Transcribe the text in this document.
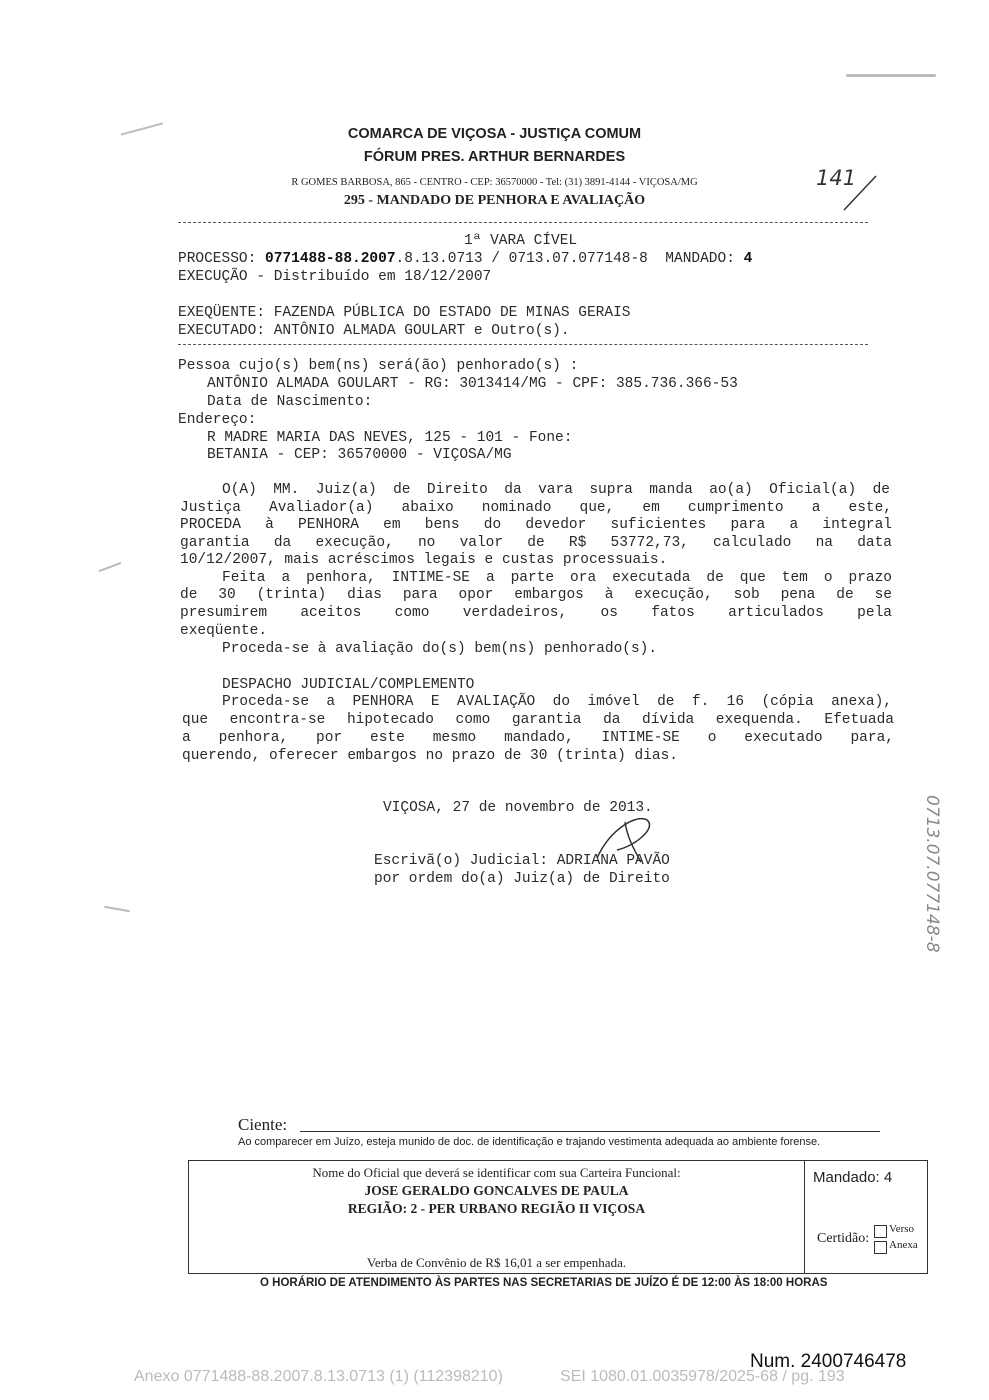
COMARCA DE VIÇOSA - JUSTIÇA COMUM
FÓRUM PRES. ARTHUR BERNARDES
R GOMES BARBOSA, 865 - CENTRO - CEP: 36570000 - Tel: (31) 3891-4144 - VIÇOSA/MG
295 - MANDADO DE PENHORA E AVALIAÇÃO
141
1ª VARA CÍVEL
PROCESSO: 0771488-88.2007.8.13.0713 / 0713.07.077148-8  MANDADO: 4
EXECUÇÃO - Distribuído em 18/12/2007
EXEQÜENTE: FAZENDA PÚBLICA DO ESTADO DE MINAS GERAIS
EXECUTADO: ANTÔNIO ALMADA GOULART e Outro(s).
Pessoa cujo(s) bem(ns) será(ão) penhorado(s) :
ANTÔNIO ALMADA GOULART - RG: 3013414/MG - CPF: 385.736.366-53
Data de Nascimento:
Endereço:
R MADRE MARIA DAS NEVES, 125 - 101 - Fone:
BETANIA - CEP: 36570000 - VIÇOSA/MG
O(A) MM. Juiz(a) de Direito da vara supra manda ao(a) Oficial(a) de
Justiça Avaliador(a) abaixo nominado que, em cumprimento a este,
PROCEDA à PENHORA em bens do devedor suficientes para a integral
garantia da execução, no valor de R$ 53772,73, calculado na data
10/12/2007, mais acréscimos legais e custas processuais.
Feita a penhora, INTIME-SE a parte ora executada de que tem o prazo
de 30 (trinta) dias para opor embargos à execução, sob pena de se
presumirem aceitos como verdadeiros, os fatos articulados pela
exeqüente.
Proceda-se à avaliação do(s) bem(ns) penhorado(s).
DESPACHO JUDICIAL/COMPLEMENTO
Proceda-se a PENHORA E AVALIAÇÃO do imóvel de f. 16 (cópia anexa),
que encontra-se hipotecado como garantia da dívida exequenda. Efetuada
a penhora, por este mesmo mandado, INTIME-SE o executado para,
querendo, oferecer embargos no prazo de 30 (trinta) dias.
VIÇOSA, 27 de novembro de 2013.
Escrivã(o) Judicial: ADRIANA PAVÃO
por ordem do(a) Juiz(a) de Direito	0713.07.077148-8
Ciente:
Ao comparecer em Juízo, esteja munido de doc. de identificação e trajando vestimenta adequada ao ambiente forense.
Nome do Oficial que deverá se identificar com sua Carteira Funcional:
JOSE GERALDO GONCALVES DE PAULA
REGIÃO: 2 - PER URBANO REGIÃO II VIÇOSA
Verba de Convênio de R$ 16,01 a ser empenhada.
Mandado: 4
Certidão:
Verso
Anexa
O HORÁRIO DE ATENDIMENTO ÀS PARTES NAS SECRETARIAS DE JUÍZO É DE 12:00 ÀS 18:00 HORAS
Num. 2400746478
Anexo 0771488-88.2007.8.13.0713 (1) (112398210)	SEI 1080.01.0035978/2025-68 / pg. 193
